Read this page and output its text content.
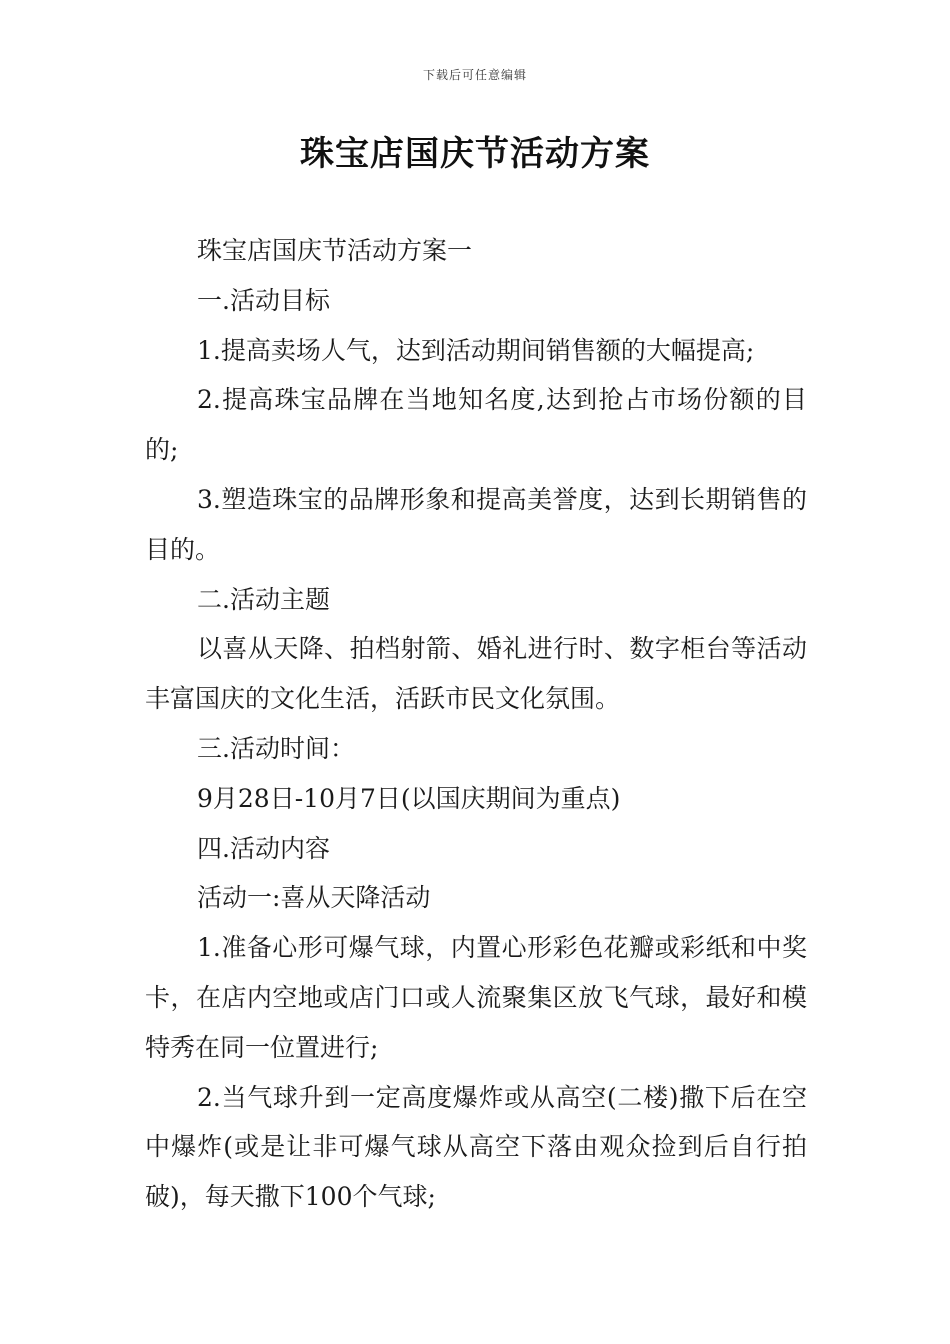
下载后可任意编辑
珠宝店国庆节活动方案

珠宝店国庆节活动方案一

一.活动目标

1.提高卖场人气，达到活动期间销售额的大幅提高;

2.提高珠宝品牌在当地知名度,达到抢占市场份额的目的;

3.塑造珠宝的品牌形象和提高美誉度，达到长期销售的目的。

二.活动主题

以喜从天降、拍档射箭、婚礼进行时、数字柜台等活动丰富国庆的文化生活，活跃市民文化氛围。

三.活动时间：

9月28日-10月7日(以国庆期间为重点)

四.活动内容

活动一:喜从天降活动

1.准备心形可爆气球，内置心形彩色花瓣或彩纸和中奖卡，在店内空地或店门口或人流聚集区放飞气球，最好和模特秀在同一位置进行;

2.当气球升到一定高度爆炸或从高空(二楼)撒下后在空中爆炸(或是让非可爆气球从高空下落由观众捡到后自行拍破)，每天撒下100个气球;
